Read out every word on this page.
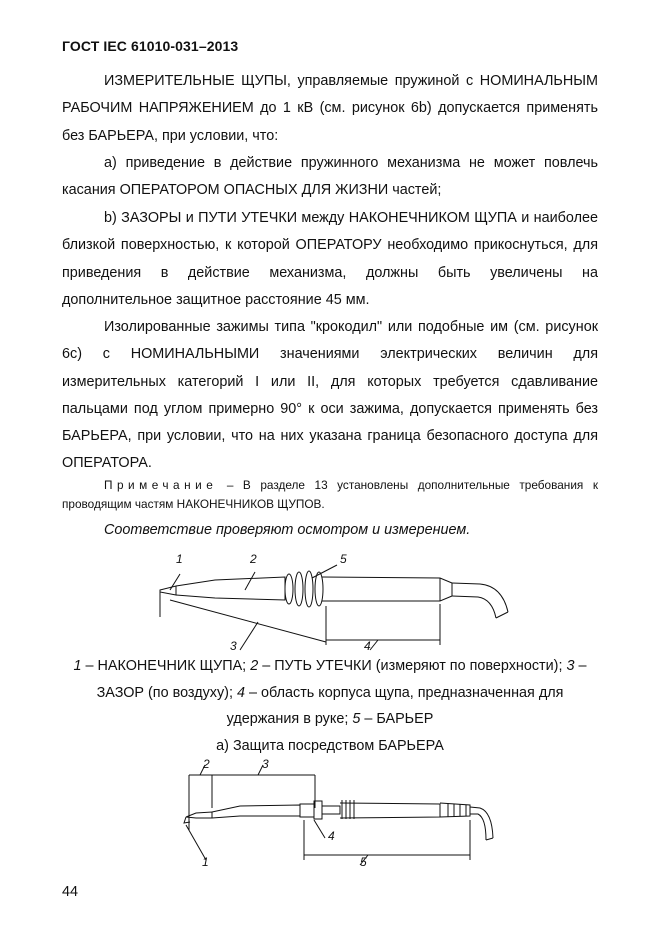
ГОСТ IEC 61010-031–2013

ИЗМЕРИТЕЛЬНЫЕ ЩУПЫ, управляемые пружиной с НОМИНАЛЬНЫМ РАБОЧИМ НАПРЯЖЕНИЕМ до 1 кВ (см. рисунок 6b) допускается применять без БАРЬЕРА, при условии, что:

а) приведение в действие пружинного механизма не может повлечь касания ОПЕРАТОРОМ ОПАСНЫХ ДЛЯ ЖИЗНИ частей;

b) ЗАЗОРЫ и ПУТИ УТЕЧКИ между НАКОНЕЧНИКОМ ЩУПА и наиболее близкой поверхностью, к которой ОПЕРАТОРУ необходимо прикоснуться, для приведения в действие механизма, должны быть увеличены на дополнительное защитное расстояние 45 мм.

Изолированные зажимы типа "крокодил" или подобные им (см. рисунок 6с) с НОМИНАЛЬНЫМИ значениями электрических величин для измерительных категорий I или II, для которых требуется сдавливание пальцами под углом примерно 90° к оси зажима, допускается применять без БАРЬЕРА, при условии, что на них указана граница безопасного доступа для ОПЕРАТОРА.

Примечание – В разделе 13 установлены дополнительные требования к проводящим частям НАКОНЕЧНИКОВ ЩУПОВ.

Соответствие проверяют осмотром и измерением.
1	2	5
3	4
2	3
4
1	5

1 – НАКОНЕЧНИК ЩУПА; 2 – ПУТЬ УТЕЧКИ (измеряют по поверхности); 3 – ЗАЗОР (по воздуху); 4 – область корпуса щупа, предназначенная для удержания в руке; 5 – БАРЬЕР

а) Защита посредством БАРЬЕРА
44
